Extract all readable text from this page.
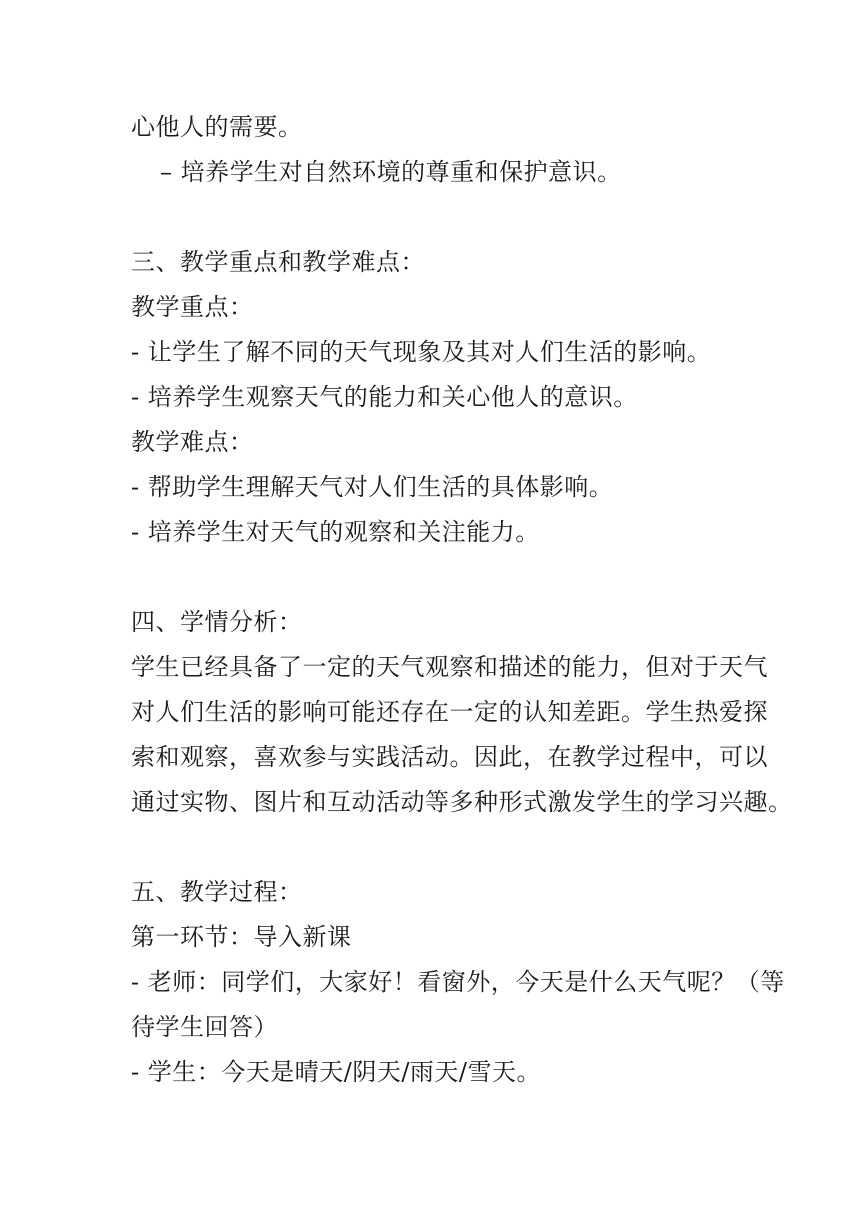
心他人的需要。
– 培养学生对自然环境的尊重和保护意识。
三、教学重点和教学难点：
教学重点：
- 让学生了解不同的天气现象及其对人们生活的影响。
- 培养学生观察天气的能力和关心他人的意识。
教学难点：
- 帮助学生理解天气对人们生活的具体影响。
- 培养学生对天气的观察和关注能力。
四、学情分析：
学生已经具备了一定的天气观察和描述的能力，但对于天气
对人们生活的影响可能还存在一定的认知差距。学生热爱探
索和观察，喜欢参与实践活动。因此，在教学过程中，可以
通过实物、图片和互动活动等多种形式激发学生的学习兴趣。
五、教学过程：
第一环节：导入新课
- 老师：同学们，大家好！看窗外，今天是什么天气呢？（等
待学生回答）
- 学生：今天是晴天/阴天/雨天/雪天。
